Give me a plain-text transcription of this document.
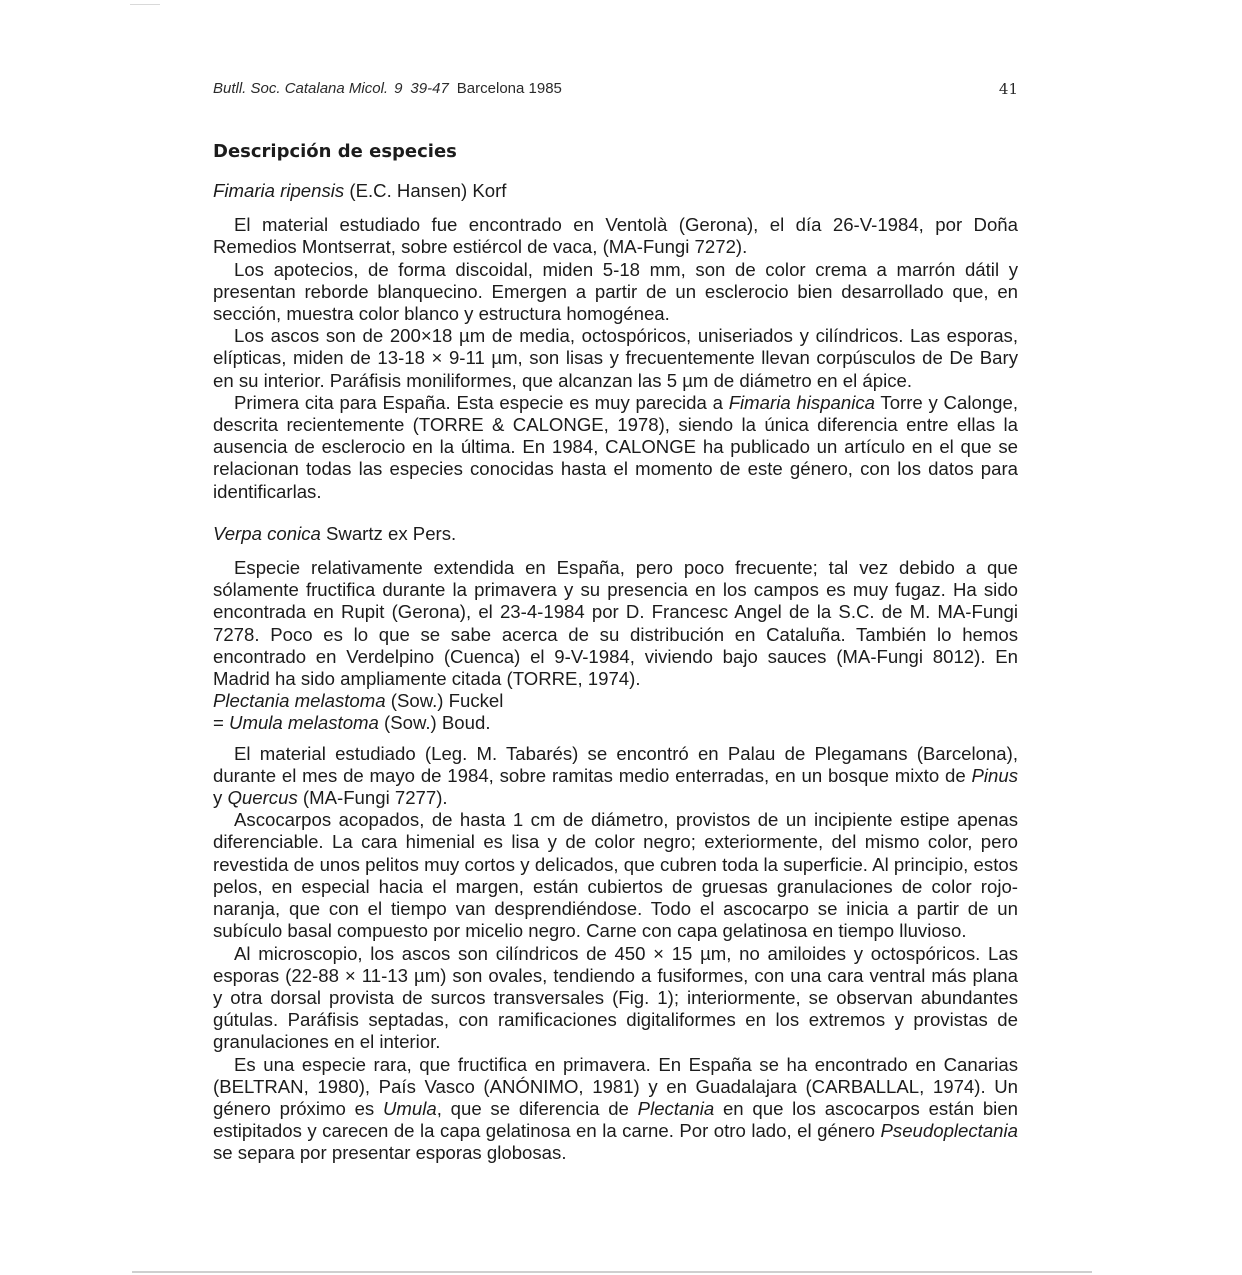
Butll. Soc. Catalana Micol. 9 39-47 Barcelona 1985	41
Descripción de especies
Fimaria ripensis (E.C. Hansen) Korf

El material estudiado fue encontrado en Ventolà (Gerona), el día 26-V-1984, por Doña Remedios Montserrat, sobre estiércol de vaca, (MA-Fungi 7272).

Los apotecios, de forma discoidal, miden 5-18 mm, son de color crema a marrón dátil y presentan reborde blanquecino. Emergen a partir de un esclerocio bien desarrollado que, en sección, muestra color blanco y estructura homogénea.

Los ascos son de 200×18 µm de media, octospóricos, uniseriados y cilíndricos. Las esporas, elípticas, miden de 13-18 × 9-11 µm, son lisas y frecuentemente llevan corpúsculos de De Bary en su interior. Paráfisis moniliformes, que alcanzan las 5 µm de diámetro en el ápice.

Primera cita para España. Esta especie es muy parecida a Fimaria hispanica Torre y Calonge, descrita recientemente (TORRE & CALONGE, 1978), siendo la única diferencia entre ellas la ausencia de esclerocio en la última. En 1984, CALONGE ha publicado un artículo en el que se relacionan todas las especies conocidas hasta el momento de este género, con los datos para identificarlas.

Verpa conica Swartz ex Pers.

Especie relativamente extendida en España, pero poco frecuente; tal vez debido a que sólamente fructifica durante la primavera y su presencia en los campos es muy fugaz. Ha sido encontrada en Rupit (Gerona), el 23-4-1984 por D. Francesc Angel de la S.C. de M. MA-Fungi 7278. Poco es lo que se sabe acerca de su distribución en Cataluña. También lo hemos encontrado en Verdelpino (Cuenca) el 9-V-1984, viviendo bajo sauces (MA-Fungi 8012). En Madrid ha sido ampliamente citada (TORRE, 1974).

Plectania melastoma (Sow.) Fuckel
= Umula melastoma (Sow.) Boud.

El material estudiado (Leg. M. Tabarés) se encontró en Palau de Plegamans (Barcelona), durante el mes de mayo de 1984, sobre ramitas medio enterradas, en un bosque mixto de Pinus y Quercus (MA-Fungi 7277).

Ascocarpos acopados, de hasta 1 cm de diámetro, provistos de un incipiente estipe apenas diferenciable. La cara himenial es lisa y de color negro; exteriormente, del mismo color, pero revestida de unos pelitos muy cortos y delicados, que cubren toda la superficie. Al principio, estos pelos, en especial hacia el margen, están cubiertos de gruesas granulaciones de color rojo-naranja, que con el tiempo van desprendiéndose. Todo el ascocarpo se inicia a partir de un subículo basal compuesto por micelio negro. Carne con capa gelatinosa en tiempo lluvioso.

Al microscopio, los ascos son cilíndricos de 450 × 15 µm, no amiloides y octospóricos. Las esporas (22-88 × 11-13 µm) son ovales, tendiendo a fusiformes, con una cara ventral más plana y otra dorsal provista de surcos transversales (Fig. 1); interiormente, se observan abundantes gútulas. Paráfisis septadas, con ramificaciones digitaliformes en los extremos y provistas de granulaciones en el interior.

Es una especie rara, que fructifica en primavera. En España se ha encontrado en Canarias (BELTRAN, 1980), País Vasco (ANÓNIMO, 1981) y en Guadalajara (CARBALLAL, 1974). Un género próximo es Umula, que se diferencia de Plectania en que los ascocarpos están bien estipitados y carecen de la capa gelatinosa en la carne. Por otro lado, el género Pseudoplectania se separa por presentar esporas globosas.
